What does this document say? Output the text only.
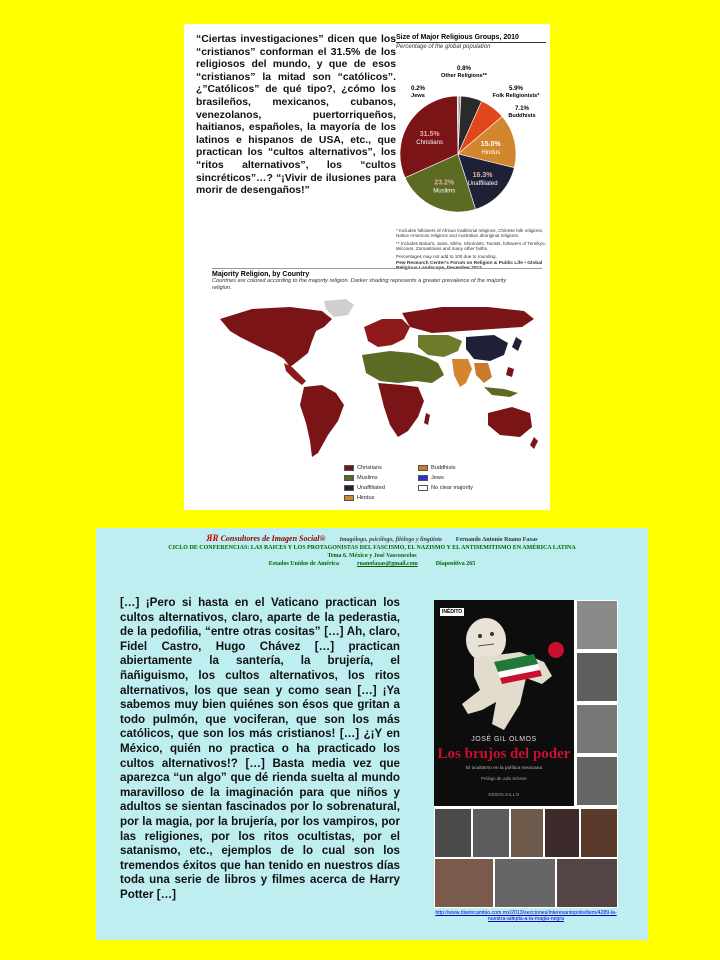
“Ciertas investigaciones” dicen que los “cristianos” conforman el 31.5% de los religiosos del mundo, y que de esos “cristianos” la mitad son “católicos”. ¿”Católicos” de qué tipo?, ¿cómo los brasileños, mexicanos, cubanos, venezolanos, puertorriqueños, haitianos, españoles, la mayoría de los latinos e hispanos de USA, etc., que practican los “cultos alternativos”, los “ritos alternativos”, los “cultos sincréticos”…? “¡Vivir de ilusiones para morir de desengaños!”
Size of Major Religious Groups, 2010
Percentage of the global population
0.8%
Other Religions**
5.9%
Folk Religionists*
7.1%
Buddhists
15.0%
Hindus
16.3%
Unaffiliated
23.2%
Muslims
31.5%
Christians
0.2%
Jews

* Includes followers of African traditional religions, Chinese folk religions, Native American religions and Australian aboriginal religions.

** Includes Bahai's, Jains, Sikhs, Shintoists, Taoists, followers of Tenrikyo, Wiccans, Zoroastrians and many other faiths.

Percentages may not add to 100 due to rounding.

Pew Research Center's Forum on Religion & Public Life • Global Religious Landscape, December 2012

Majority Religion, by Country
Countries are colored according to the majority religion. Darker shading represents a greater prevalence of the majority religion.
Christians
Muslims
Unaffiliated
Hindus
Buddhists
Jews
No clear majority
ЯR Consultores de Imagen Social® Imagólogo, psicólogo, filólogo y lingüista Fernando Antonio Ruano Faxas
CICLO DE CONFERENCIAS: LAS RAICES Y LOS PROTAGONISTAS DEL FASCISMO, EL NAZISMO Y EL ANTISEMITISMO EN AMÉRICA LATINA
Tema 6. México y José Vasconcelos
Estados Unidos de América	ruanofaxas@gmail.com	Diapositiva 265
[…] ¡Pero si hasta en el Vaticano practican los cultos alternativos, claro, aparte de la pederastia, de la pedofilia, “entre otras cositas” […] Ah, claro, Fidel Castro, Hugo Chávez […] practican abiertamente la santería, la brujería, el ñañiguismo, los cultos alternativos, los ritos alternativos, los que sean y como sean […] ¡Ya sabemos muy bien quiénes son ésos que gritan a todo pulmón, que vociferan, que son los más católicos, que son los más cristianos! […] ¿¡Y en México, quién no practica o ha practicado los cultos alternativos!? […] Basta media vez que aparezca “un algo” que dé rienda suelta al mundo maravilloso de la imaginación para que niños y adultos se sientan fascinados por lo sobrenatural, por la magia, por la brujería, por los vampiros, por las religiones, por los ritos ocultistas, por el satanismo, etc., ejemplos de lo cual son los tremendos éxitos que han tenido en nuestros días toda una serie de libros y filmes acerca de Harry Potter […]
INÉDITO
JOSÉ GIL OLMOS
Los brujos del poder
El ocultismo en la política mexicana
Prólogo de Julio Scherer
DEBOLSILLO
http://www.diariocambio.com.mx/2013/secciones/interesantopolis/item/4289-la-nuestra-adepta-a-la-magia-negra
